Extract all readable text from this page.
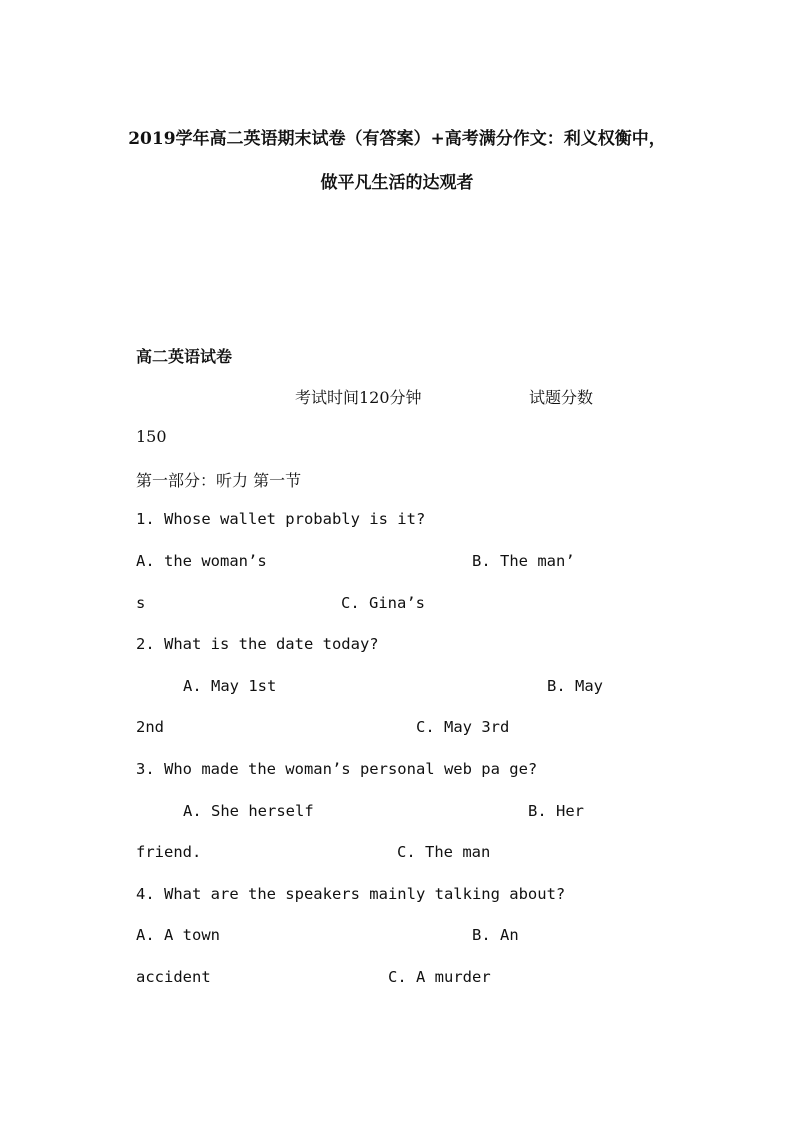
2019学年高二英语期末试卷（有答案）+高考满分作文：利义权衡中，
做平凡生活的达观者
高二英语试卷
考试时间120分钟	试题分数
150
第一部分：听力 第一节
1. Whose wallet probably is it?
A. the woman’s	B. The man’
s	C. Gina’s
2. What is the date today?
A. May 1st	B. May
2nd	C. May 3rd
3. Who made the woman’s personal web pa ge?
A. She herself	B. Her
friend.	C. The man
4. What are the speakers mainly talking about?
A. A town	B. An
accident	C. A murder
